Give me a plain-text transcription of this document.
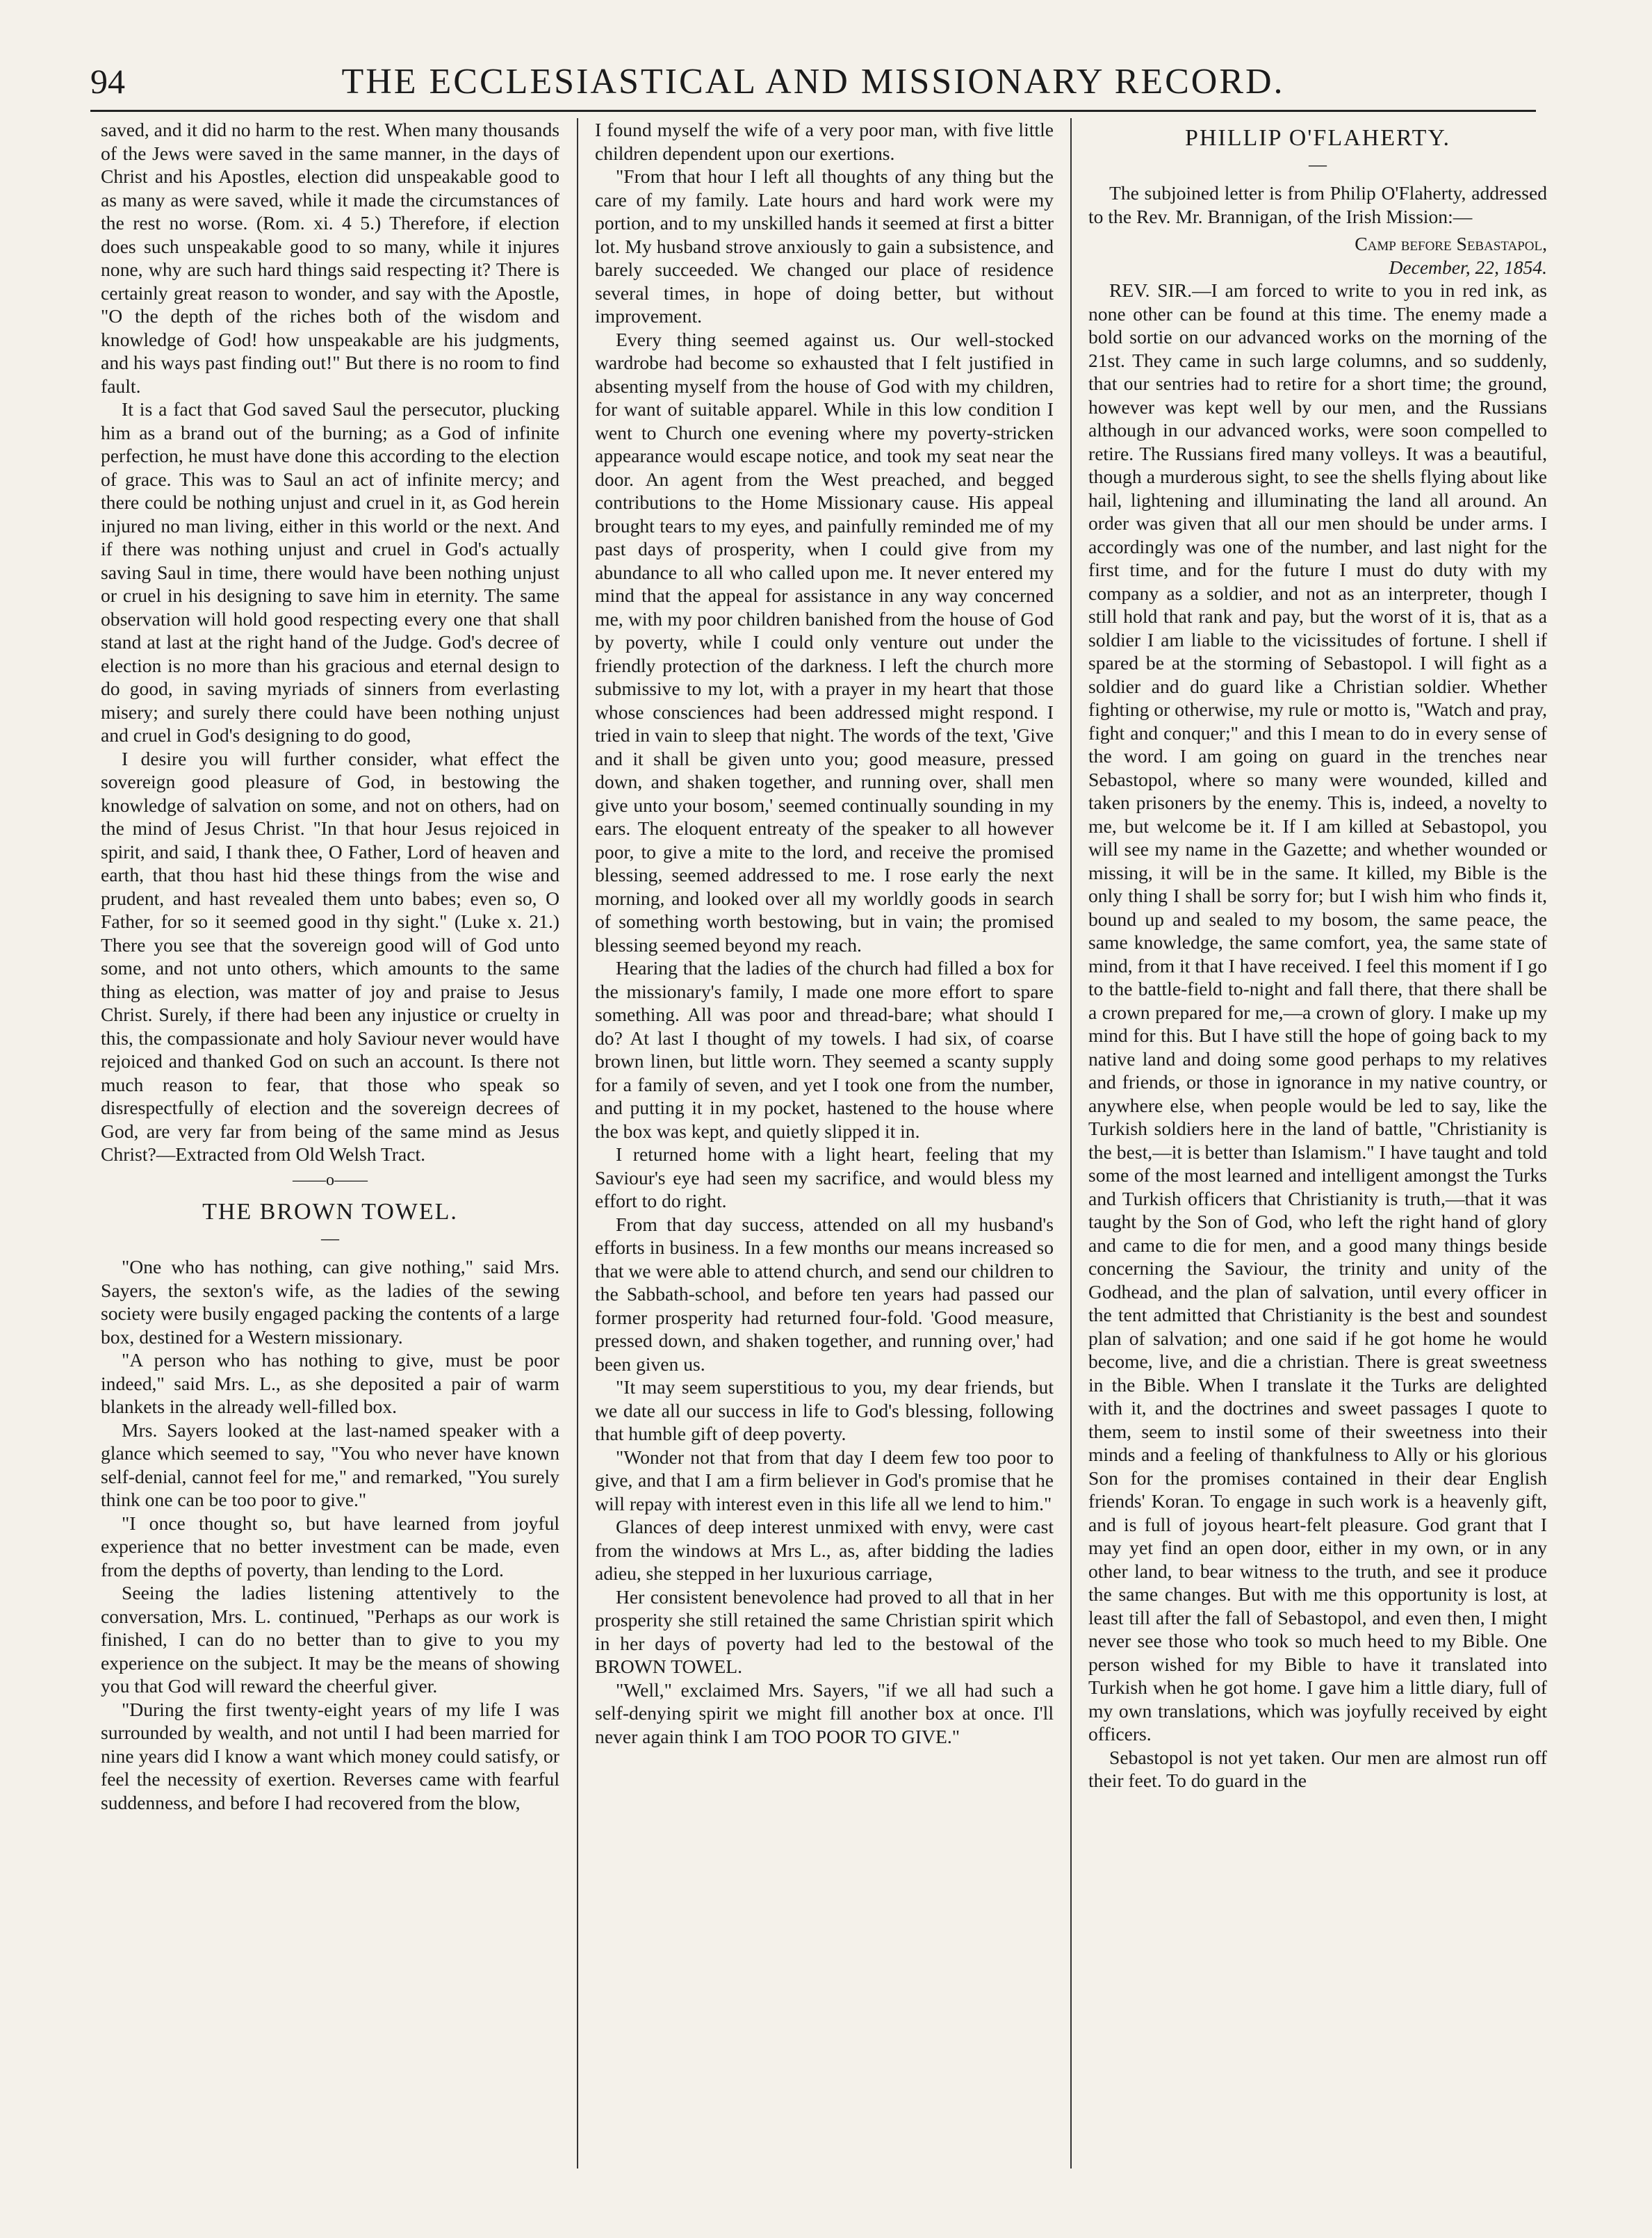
94	THE ECCLESIASTICAL AND MISSIONARY RECORD.

saved, and it did no harm to the rest. When many thousands of the Jews were saved in the same manner, in the days of Christ and his Apostles, election did unspeakable good to as many as were saved, while it made the circumstances of the rest no worse. (Rom. xi. 4 5.) Therefore, if election does such unspeakable good to so many, while it injures none, why are such hard things said respecting it? There is certainly great reason to wonder, and say with the Apostle, "O the depth of the riches both of the wisdom and knowledge of God! how unspeakable are his judgments, and his ways past finding out!" But there is no room to find fault.

It is a fact that God saved Saul the persecutor, plucking him as a brand out of the burning; as a God of infinite perfection, he must have done this according to the election of grace. This was to Saul an act of infinite mercy; and there could be nothing unjust and cruel in it, as God herein injured no man living, either in this world or the next. And if there was nothing unjust and cruel in God's actually saving Saul in time, there would have been nothing unjust or cruel in his designing to save him in eternity. The same observation will hold good respecting every one that shall stand at last at the right hand of the Judge. God's decree of election is no more than his gracious and eternal design to do good, in saving myriads of sinners from everlasting misery; and surely there could have been nothing unjust and cruel in God's designing to do good,

I desire you will further consider, what effect the sovereign good pleasure of God, in bestowing the knowledge of salvation on some, and not on others, had on the mind of Jesus Christ. "In that hour Jesus rejoiced in spirit, and said, I thank thee, O Father, Lord of heaven and earth, that thou hast hid these things from the wise and prudent, and hast revealed them unto babes; even so, O Father, for so it seemed good in thy sight." (Luke x. 21.) There you see that the sovereign good will of God unto some, and not unto others, which amounts to the same thing as election, was matter of joy and praise to Jesus Christ. Surely, if there had been any injustice or cruelty in this, the compassionate and holy Saviour never would have rejoiced and thanked God on such an account. Is there not much reason to fear, that those who speak so disrespectfully of election and the sovereign decrees of God, are very far from being of the same mind as Jesus Christ?—Extracted from Old Welsh Tract.

——o——
THE BROWN TOWEL.
—

"One who has nothing, can give nothing," said Mrs. Sayers, the sexton's wife, as the ladies of the sewing society were busily engaged packing the contents of a large box, destined for a Western missionary.

"A person who has nothing to give, must be poor indeed," said Mrs. L., as she deposited a pair of warm blankets in the already well-filled box.

Mrs. Sayers looked at the last-named speaker with a glance which seemed to say, "You who never have known self-denial, cannot feel for me," and remarked, "You surely think one can be too poor to give."

"I once thought so, but have learned from joyful experience that no better investment can be made, even from the depths of poverty, than lending to the Lord.

Seeing the ladies listening attentively to the conversation, Mrs. L. continued, "Perhaps as our work is finished, I can do no better than to give to you my experience on the subject. It may be the means of showing you that God will reward the cheerful giver.

"During the first twenty-eight years of my life I was surrounded by wealth, and not until I had been married for nine years did I know a want which money could satisfy, or feel the necessity of exertion. Reverses came with fearful suddenness, and before I had recovered from the blow,

I found myself the wife of a very poor man, with five little children dependent upon our exertions.

"From that hour I left all thoughts of any thing but the care of my family. Late hours and hard work were my portion, and to my unskilled hands it seemed at first a bitter lot. My husband strove anxiously to gain a subsistence, and barely succeeded. We changed our place of residence several times, in hope of doing better, but without improvement.

Every thing seemed against us. Our well-stocked wardrobe had become so exhausted that I felt justified in absenting myself from the house of God with my children, for want of suitable apparel. While in this low condition I went to Church one evening where my poverty-stricken appearance would escape notice, and took my seat near the door. An agent from the West preached, and begged contributions to the Home Missionary cause. His appeal brought tears to my eyes, and painfully reminded me of my past days of prosperity, when I could give from my abundance to all who called upon me. It never entered my mind that the appeal for assistance in any way concerned me, with my poor children banished from the house of God by poverty, while I could only venture out under the friendly protection of the darkness. I left the church more submissive to my lot, with a prayer in my heart that those whose consciences had been addressed might respond. I tried in vain to sleep that night. The words of the text, 'Give and it shall be given unto you; good measure, pressed down, and shaken together, and running over, shall men give unto your bosom,' seemed continually sounding in my ears. The eloquent entreaty of the speaker to all however poor, to give a mite to the lord, and receive the promised blessing, seemed addressed to me. I rose early the next morning, and looked over all my worldly goods in search of something worth bestowing, but in vain; the promised blessing seemed beyond my reach.

Hearing that the ladies of the church had filled a box for the missionary's family, I made one more effort to spare something. All was poor and thread-bare; what should I do? At last I thought of my towels. I had six, of coarse brown linen, but little worn. They seemed a scanty supply for a family of seven, and yet I took one from the number, and putting it in my pocket, hastened to the house where the box was kept, and quietly slipped it in.

I returned home with a light heart, feeling that my Saviour's eye had seen my sacrifice, and would bless my effort to do right.

From that day success, attended on all my husband's efforts in business. In a few months our means increased so that we were able to attend church, and send our children to the Sabbath-school, and before ten years had passed our former prosperity had returned four-fold. 'Good measure, pressed down, and shaken together, and running over,' had been given us.

"It may seem superstitious to you, my dear friends, but we date all our success in life to God's blessing, following that humble gift of deep poverty.

"Wonder not that from that day I deem few too poor to give, and that I am a firm believer in God's promise that he will repay with interest even in this life all we lend to him."

Glances of deep interest unmixed with envy, were cast from the windows at Mrs L., as, after bidding the ladies adieu, she stepped in her luxurious carriage,

Her consistent benevolence had proved to all that in her prosperity she still retained the same Christian spirit which in her days of poverty had led to the bestowal of the BROWN TOWEL.

"Well," exclaimed Mrs. Sayers, "if we all had such a self-denying spirit we might fill another box at once. I'll never again think I am TOO POOR TO GIVE."

PHILLIP O'FLAHERTY.
—

The subjoined letter is from Philip O'Flaherty, addressed to the Rev. Mr. Brannigan, of the Irish Mission:—

Camp before Sebastapol,
December, 22, 1854.

REV. SIR.—I am forced to write to you in red ink, as none other can be found at this time. The enemy made a bold sortie on our advanced works on the morning of the 21st. They came in such large columns, and so suddenly, that our sentries had to retire for a short time; the ground, however was kept well by our men, and the Russians although in our advanced works, were soon compelled to retire. The Russians fired many volleys. It was a beautiful, though a murderous sight, to see the shells flying about like hail, lightening and illuminating the land all around. An order was given that all our men should be under arms. I accordingly was one of the number, and last night for the first time, and for the future I must do duty with my company as a soldier, and not as an interpreter, though I still hold that rank and pay, but the worst of it is, that as a soldier I am liable to the vicissitudes of fortune. I shell if spared be at the storming of Sebastopol. I will fight as a soldier and do guard like a Christian soldier. Whether fighting or otherwise, my rule or motto is, "Watch and pray, fight and conquer;" and this I mean to do in every sense of the word. I am going on guard in the trenches near Sebastopol, where so many were wounded, killed and taken prisoners by the enemy. This is, indeed, a novelty to me, but welcome be it. If I am killed at Sebastopol, you will see my name in the Gazette; and whether wounded or missing, it will be in the same. It killed, my Bible is the only thing I shall be sorry for; but I wish him who finds it, bound up and sealed to my bosom, the same peace, the same knowledge, the same comfort, yea, the same state of mind, from it that I have received. I feel this moment if I go to the battle-field to-night and fall there, that there shall be a crown prepared for me,—a crown of glory. I make up my mind for this. But I have still the hope of going back to my native land and doing some good perhaps to my relatives and friends, or those in ignorance in my native country, or anywhere else, when people would be led to say, like the Turkish soldiers here in the land of battle, "Christianity is the best,—it is better than Islamism." I have taught and told some of the most learned and intelligent amongst the Turks and Turkish officers that Christianity is truth,—that it was taught by the Son of God, who left the right hand of glory and came to die for men, and a good many things beside concerning the Saviour, the trinity and unity of the Godhead, and the plan of salvation, until every officer in the tent admitted that Christianity is the best and soundest plan of salvation; and one said if he got home he would become, live, and die a christian. There is great sweetness in the Bible. When I translate it the Turks are delighted with it, and the doctrines and sweet passages I quote to them, seem to instil some of their sweetness into their minds and a feeling of thankfulness to Ally or his glorious Son for the promises contained in their dear English friends' Koran. To engage in such work is a heavenly gift, and is full of joyous heart-felt pleasure. God grant that I may yet find an open door, either in my own, or in any other land, to bear witness to the truth, and see it produce the same changes. But with me this opportunity is lost, at least till after the fall of Sebastopol, and even then, I might never see those who took so much heed to my Bible. One person wished for my Bible to have it translated into Turkish when he got home. I gave him a little diary, full of my own translations, which was joyfully received by eight officers.

Sebastopol is not yet taken. Our men are almost run off their feet. To do guard in the
